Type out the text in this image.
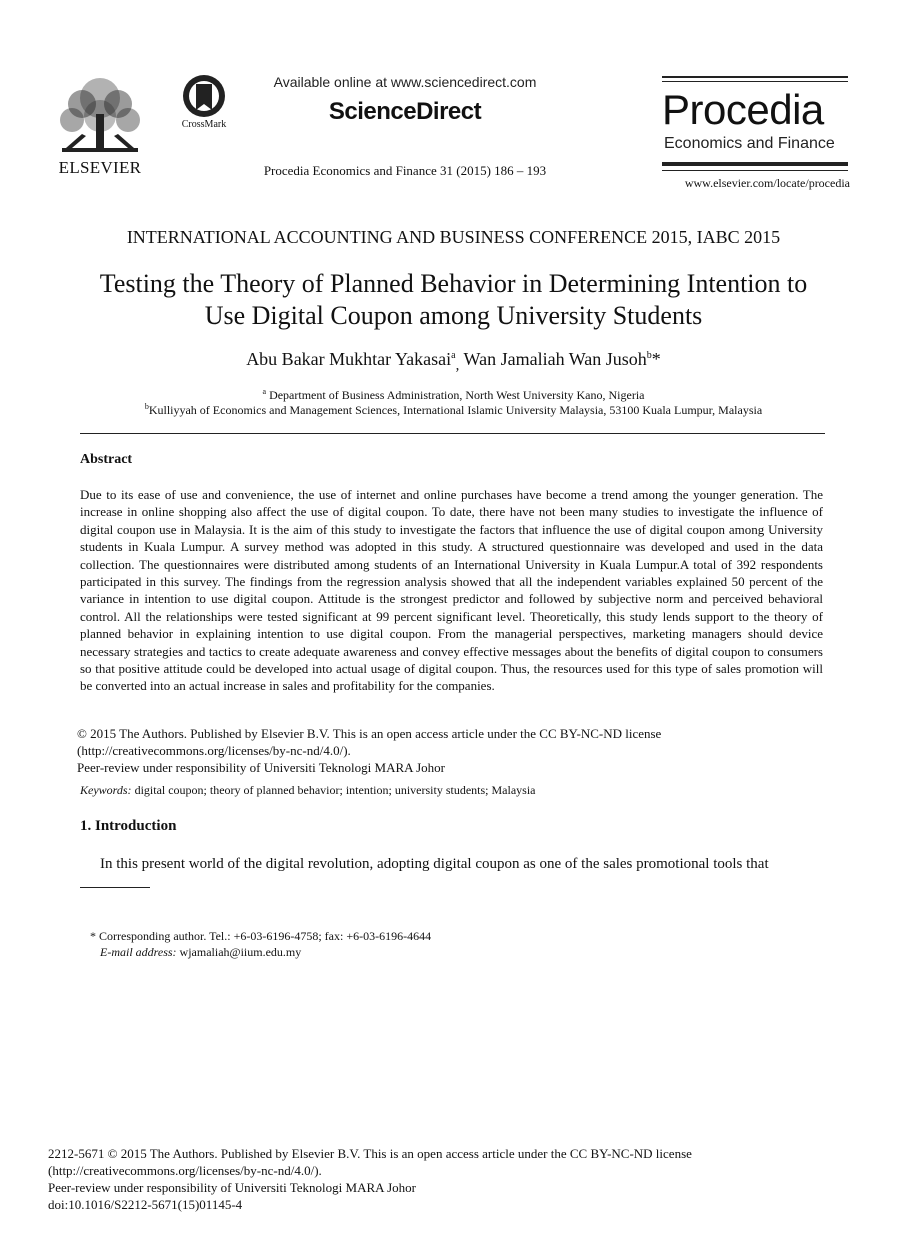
ELSEVIER
CrossMark
Available online at www.sciencedirect.com
ScienceDirect
Procedia Economics and Finance 31 (2015) 186 – 193
Procedia
Economics and Finance
www.elsevier.com/locate/procedia
INTERNATIONAL ACCOUNTING AND BUSINESS CONFERENCE 2015, IABC 2015
Testing the Theory of Planned Behavior in Determining Intention to
Use Digital Coupon among University Students
Abu Bakar Mukhtar Yakasai$^a_,$ Wan Jamaliah Wan Jusoh$^b$*
$^a$ Department of Business Administration, North West University Kano, Nigeria
$^b$Kulliyyah of Economics and Management Sciences, International Islamic University Malaysia, 53100 Kuala Lumpur, Malaysia
Abstract
Due to its ease of use and convenience, the use of internet and online purchases have become a trend among the younger generation. The increase in online shopping also affect the use of digital coupon. To date, there have not been many studies to investigate the influence of digital coupon use in Malaysia. It is the aim of this study to investigate the factors that influence the use of digital coupon among University students in Kuala Lumpur. A survey method was adopted in this study. A structured questionnaire was developed and used in the data collection. The questionnaires were distributed among students of an International University in Kuala Lumpur.A total of 392 respondents participated in this survey. The findings from the regression analysis showed that all the independent variables explained 50 percent of the variance in intention to use digital coupon. Attitude is the strongest predictor and followed by subjective norm and perceived behavioral control. All the relationships were tested significant at 99 percent significant level. Theoretically, this study lends support to the theory of planned behavior in explaining intention to use digital coupon. From the managerial perspectives, marketing managers should device necessary strategies and tactics to create adequate awareness and convey effective messages about the benefits of digital coupon to consumers so that positive attitude could be developed into actual usage of digital coupon. Thus, the resources used for this type of sales promotion will be converted into an actual increase in sales and profitability for the companies.
© 2015 The Authors. Published by Elsevier B.V. This is an open access article under the CC BY-NC-ND license
(http://creativecommons.org/licenses/by-nc-nd/4.0/).
Peer-review under responsibility of Universiti Teknologi MARA Johor
Keywords: digital coupon; theory of planned behavior; intention; university students; Malaysia
1. Introduction
In this present world of the digital revolution, adopting digital coupon as one of the sales promotional tools that
* Corresponding author. Tel.: +6-03-6196-4758; fax: +6-03-6196-4644
E-mail address: wjamaliah@iium.edu.my
2212-5671 © 2015 The Authors. Published by Elsevier B.V. This is an open access article under the CC BY-NC-ND license
(http://creativecommons.org/licenses/by-nc-nd/4.0/).
Peer-review under responsibility of Universiti Teknologi MARA Johor
doi:10.1016/S2212-5671(15)01145-4
